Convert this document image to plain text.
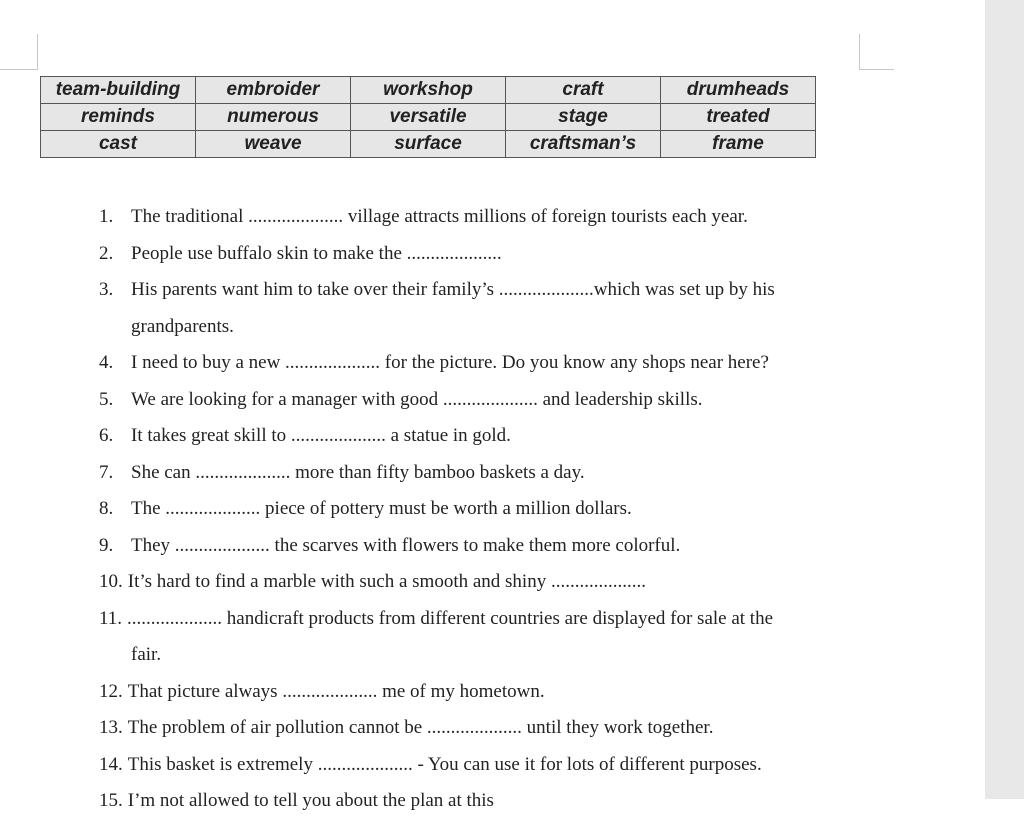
team-building	embroider	workshop	craft	drumheads
reminds	numerous	versatile	stage	treated
cast	weave	surface	craftsman’s	frame
1. The traditional .................... village attracts millions of foreign tourists each year.
2. People use buffalo skin to make the ....................
3. His parents want him to take over their family’s ....................which was set up by his
grandparents.
4. I need to buy a new .................... for the picture. Do you know any shops near here?
5. We are looking for a manager with good .................... and leadership skills.
6. It takes great skill to .................... a statue in gold.
7. She can .................... more than fifty bamboo baskets a day.
8. The .................... piece of pottery must be worth a million dollars.
9. They .................... the scarves with flowers to make them more colorful.
10. It’s hard to find a marble with such a smooth and shiny ....................
11. .................... handicraft products from different countries are displayed for sale at the
fair.
12. That picture always .................... me of my hometown.
13. The problem of air pollution cannot be .................... until they work together.
14. This basket is extremely .................... - You can use it for lots of different purposes.
15. I’m not allowed to tell you about the plan at this
